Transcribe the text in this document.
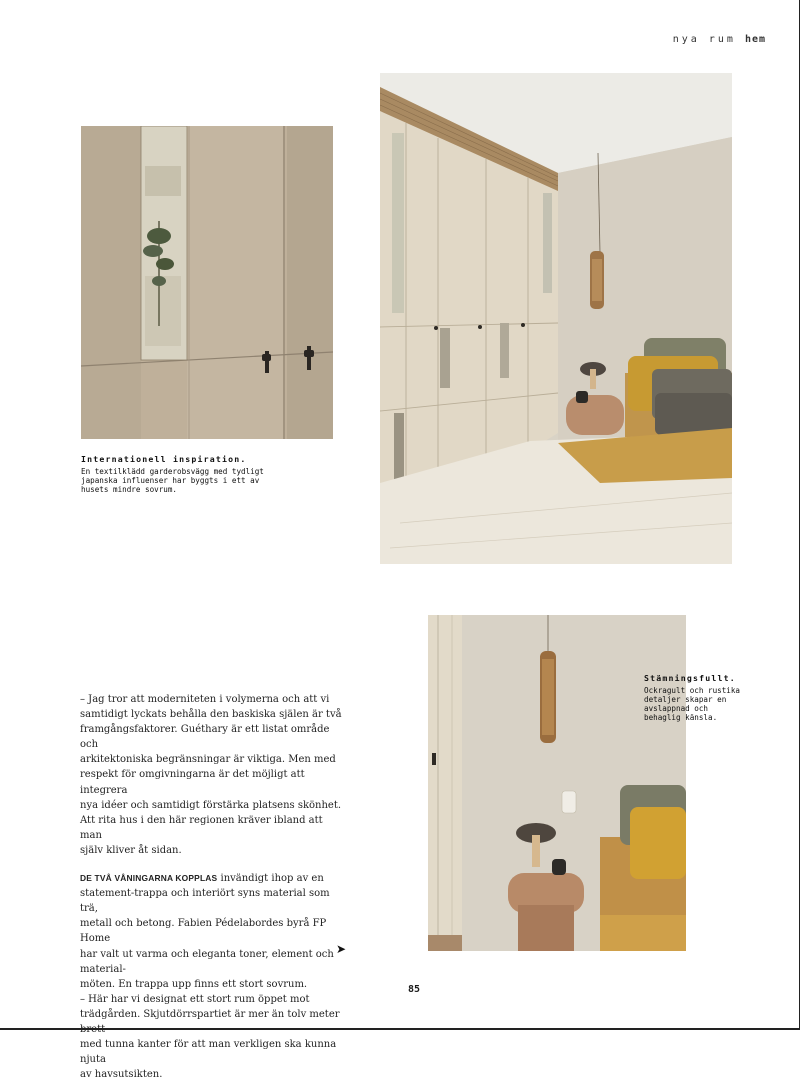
nya rum hem
Internationell inspiration.
En textilklädd garderobsvägg med tydligt
japanska influenser har byggts i ett av
husets mindre sovrum.
Stämningsfullt.
Ockragult och rustika
detaljer skapar en
avslappnad och
behaglig känsla.

– Jag tror att moderniteten i volymerna och att vi
samtidigt lyckats behålla den baskiska själen är två
framgångsfaktorer. Guéthary är ett listat område och
arkitektoniska begränsningar är viktiga. Men med
respekt för omgivningarna är det möjligt att integrera
nya idéer och samtidigt förstärka platsens skönhet.
Att rita hus i den här regionen kräver ibland att man
själv kliver åt sidan.

DE TVÅ VÅNINGARNA KOPPLAS invändigt ihop av en
statement-trappa och interiört syns material som trä,
metall och betong. Fabien Pédelabordes byrå FP Home
har valt ut varma och eleganta toner, element och material-
möten. En trappa upp finns ett stort sovrum.

– Här har vi designat ett stort rum öppet mot
trädgården. Skjutdörrspartiet är mer än tolv meter brett
med tunna kanter för att man verkligen ska kunna njuta
av havsutsikten.

➤
85
